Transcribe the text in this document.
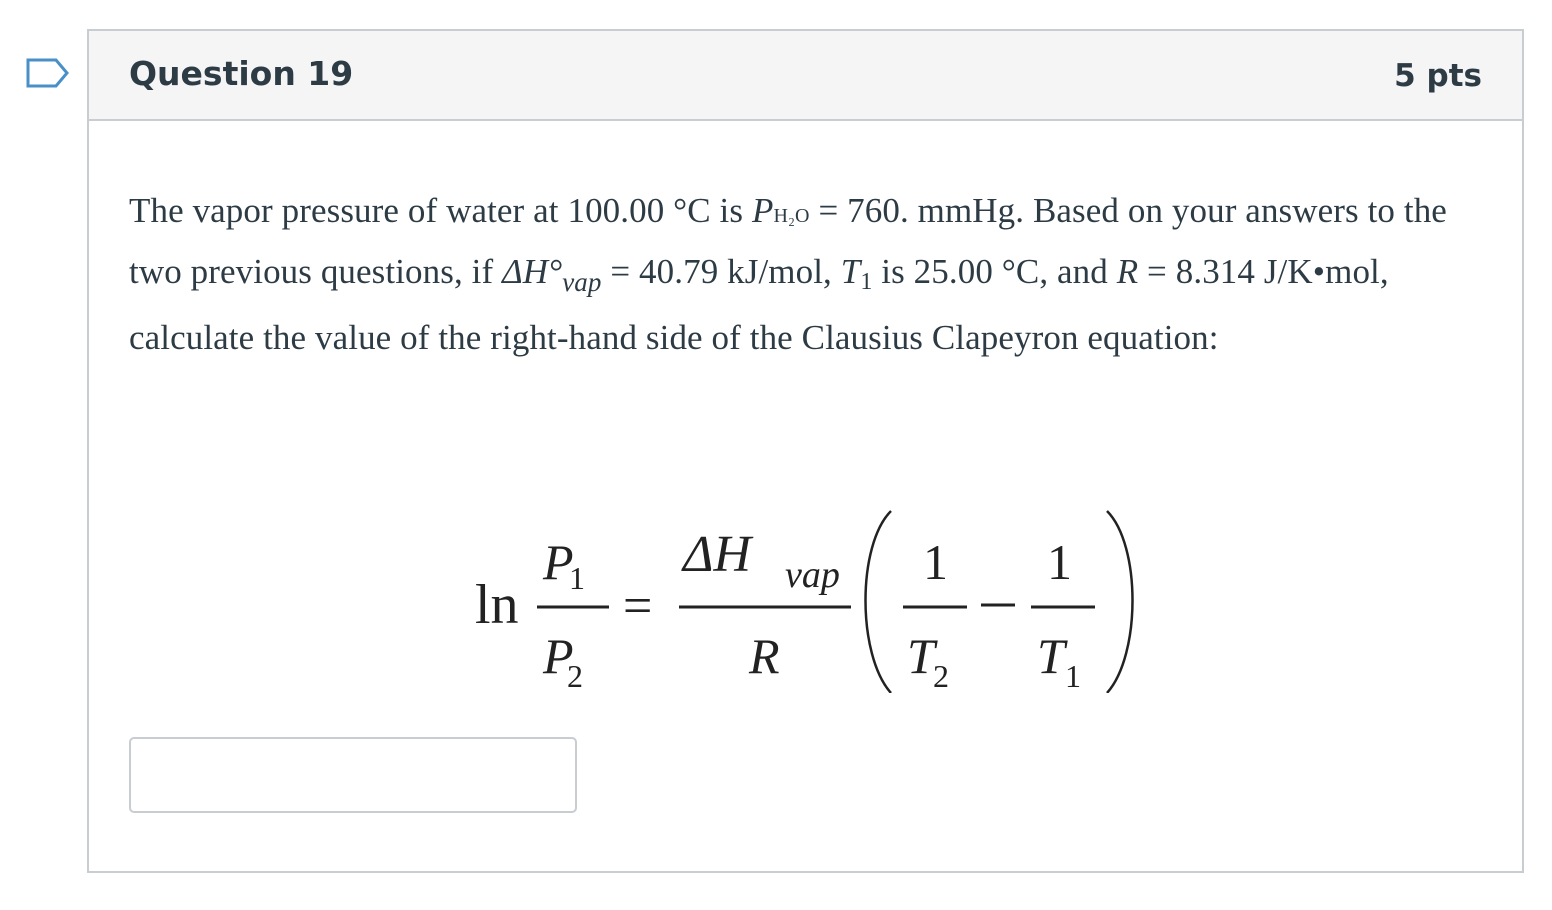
Question 19	5 pts
The vapor pressure of water at 100.00 °C is PH₂O = 760. mmHg. Based on your answers to the two previous questions, if $\Delta H^\circ_{vap} = 40.79$ kJ/mol, $T_1$ is 25.00 °C, and R = 8.314 J/K•mol, calculate the value of the right-hand side of the Clausius Clapeyron equation:
ln
P
1
P
2
=
ΔH vap
R
1
T
2
1
T 1
